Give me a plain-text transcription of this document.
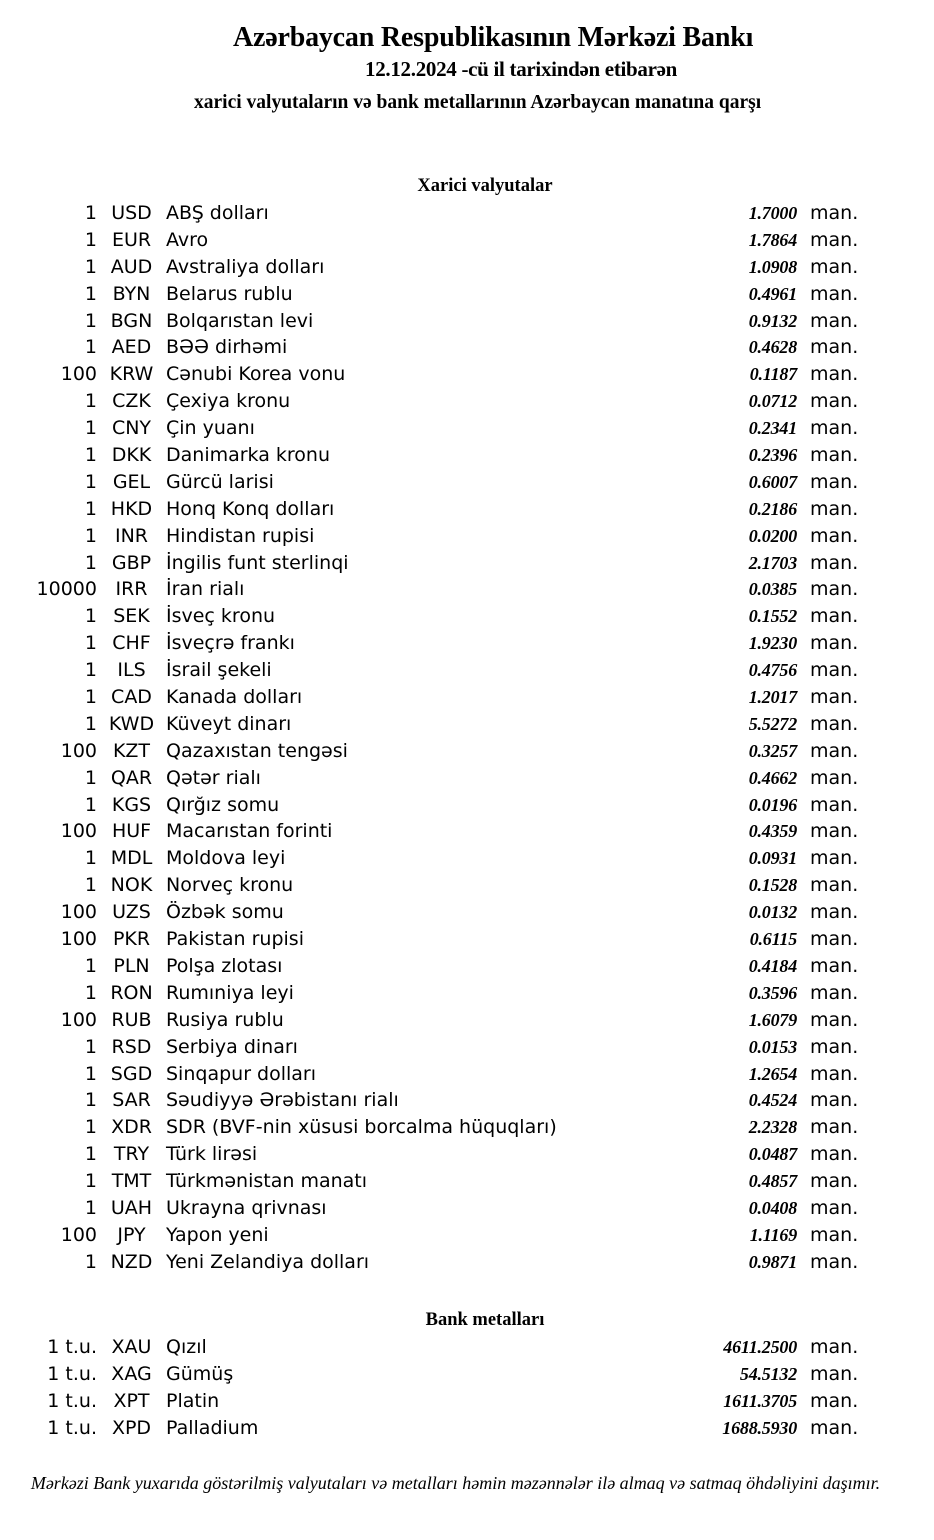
Azərbaycan Respublikasının Mərkəzi Bankı
12.12.2024 -cü il tarixindən etibarən
xarici valyutaların və bank metallarının Azərbaycan manatına qarşı
Xarici valyutalar
1 USD ABŞ dolları	1.7000 man.
1 EUR Avro	1.7864 man.
1 AUD Avstraliya dolları	1.0908 man.
1 BYN Belarus rublu	0.4961 man.
1 BGN Bolqarıstan levi	0.9132 man.
1 AED BƏƏ dirhəmi	0.4628 man.
100 KRW Cənubi Korea vonu	0.1187 man.
1 CZK Çexiya kronu	0.0712 man.
1 CNY Çin yuanı	0.2341 man.
1 DKK Danimarka kronu	0.2396 man.
1 GEL Gürcü larisi	0.6007 man.
1 HKD Honq Konq dolları	0.2186 man.
1 INR Hindistan rupisi	0.0200 man.
1 GBP İngilis funt sterlinqi	2.1703 man.
10000 IRR İran rialı	0.0385 man.
1 SEK İsveç kronu	0.1552 man.
1 CHF İsveçrə frankı	1.9230 man.
1	ILS	İsrail şekeli	0.4756 man.
1 CAD Kanada dolları	1.2017 man.
1 KWD Küveyt dinarı	5.5272 man.
100 KZT Qazaxıstan tengəsi	0.3257 man.
1 QAR Qətər rialı	0.4662 man.
1 KGS Qırğız somu	0.0196 man.
100 HUF Macarıstan forinti	0.4359 man.
1 MDL Moldova leyi	0.0931 man.
1 NOK Norveç kronu	0.1528 man.
100 UZS Özbək somu	0.0132 man.
100 PKR Pakistan rupisi	0.6115 man.
1 PLN Polşa zlotası	0.4184 man.
1 RON Rumıniya leyi	0.3596 man.
100 RUB Rusiya rublu	1.6079 man.
1 RSD Serbiya dinarı	0.0153 man.
1 SGD Sinqapur dolları	1.2654 man.
1 SAR Səudiyyə Ərəbistanı rialı	0.4524 man.
1 XDR SDR (BVF-nin xüsusi borcalma hüquqları)	2.2328 man.
1 TRY Türk lirəsi	0.0487 man.
1 TMT Türkmənistan manatı	0.4857 man.
1 UAH Ukrayna qrivnası	0.0408 man.
100	JPY	Yapon yeni	1.1169 man.
1 NZD Yeni Zelandiya dolları	0.9871 man.
Bank metalları
1 t.u. XAU Qızıl	4611.2500 man.
1 t.u. XAG Gümüş	54.5132 man.
1 t.u. XPT Platin	1611.3705 man.
1 t.u. XPD Palladium	1688.5930 man.
Mərkəzi Bank yuxarıda göstərilmiş valyutaları və metalları həmin məzənnələr ilə almaq və satmaq öhdəliyini daşımır.
